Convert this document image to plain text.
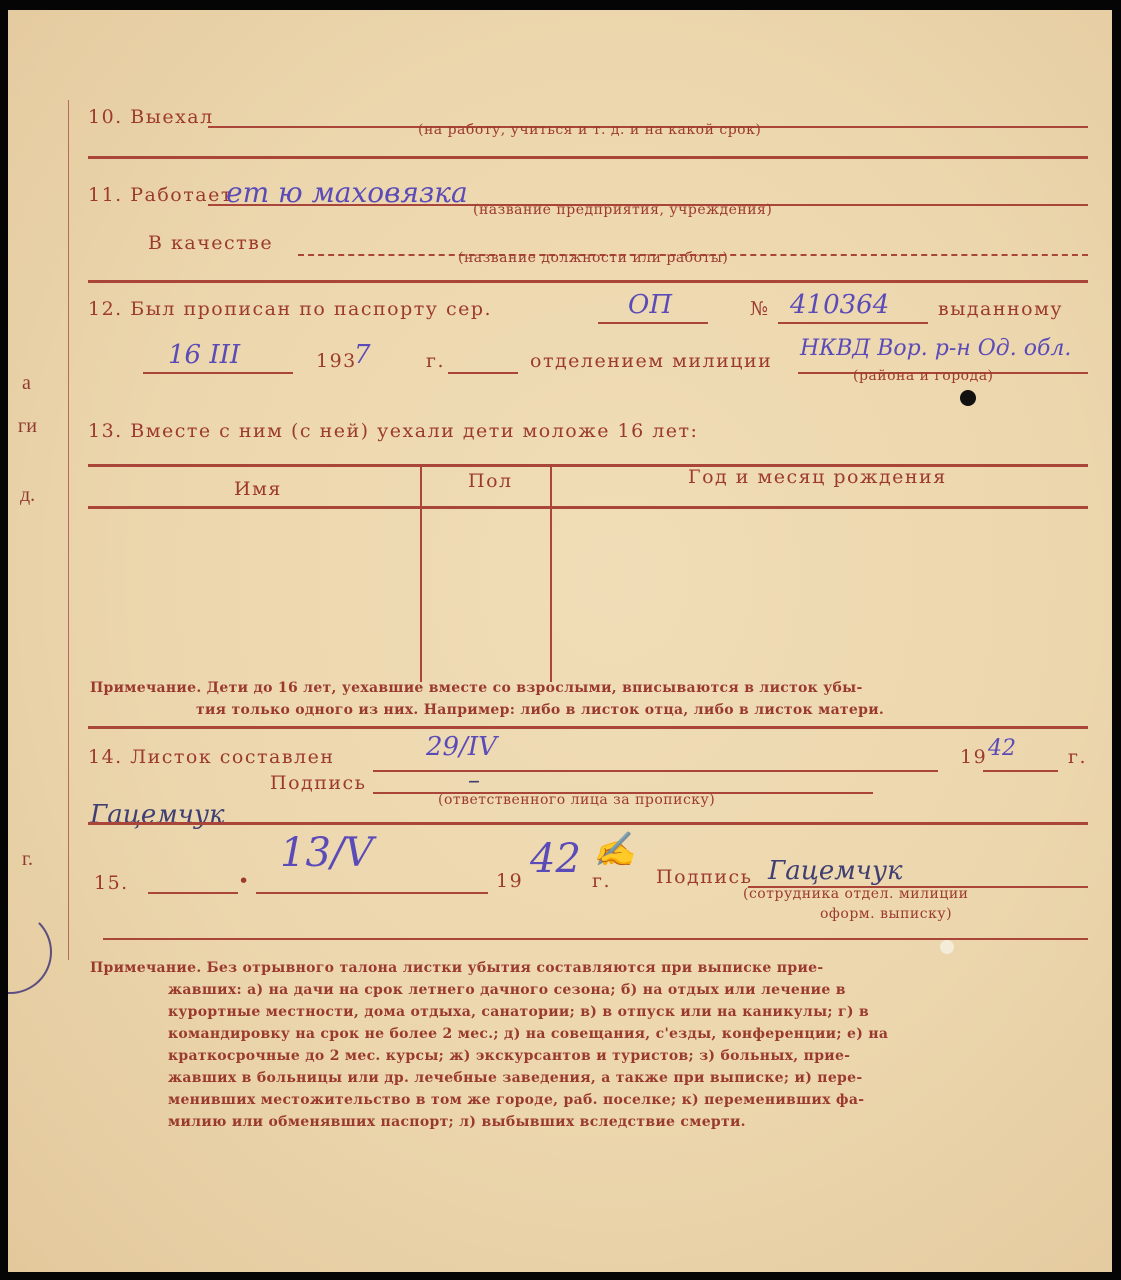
а
ги
д.
г.
10. Выехал
(на работу, учиться и т. д. и на какой срок)
11. Работает
ет ю маховязка
(название предприятия, учреждения)
В качестве
(название должности или работы)
12. Был прописан по паспорту сер.	ОП	№ 410364	выданному
16 III	193
7	г.	отделением милиции НКВД Вор. р-н Од. обл.
(района и города)
13. Вместе с ним (с ней) уехали дети моложе 16 лет:
Имя	Пол	Год и месяц рождения
Примечание. Дети до 16 лет, уехавшие вместе со взрослыми, вписываются в листок убы-
тия только одного из них. Например: либо в листок отца, либо в листок матери.
14. Листок составлен	29/IV	19 42	г.
Подпись	–
Гацемчук	(ответственного лица за прописку)
15.	•
13/V
19 42 г.
✍
Подпись Гацемчук
(сотрудника отдел. милиции
оформ. выписку)
Примечание. Без отрывного талона листки убытия составляются при выписке прие-
жавших: а) на дачи на срок летнего дачного сезона; б) на отдых или лечение в
курортные местности, дома отдыха, санатории; в) в отпуск или на каникулы; г) в
командировку на срок не более 2 мес.; д) на совещания, с'езды, конференции; е) на
краткосрочные до 2 мес. курсы; ж) экскурсантов и туристов; з) больных, прие-
жавших в больницы или др. лечебные заведения, а также при выписке; и) пере-
менивших местожительство в том же городе, раб. поселке; к) переменивших фа-
милию или обменявших паспорт; л) выбывших вследствие смерти.
